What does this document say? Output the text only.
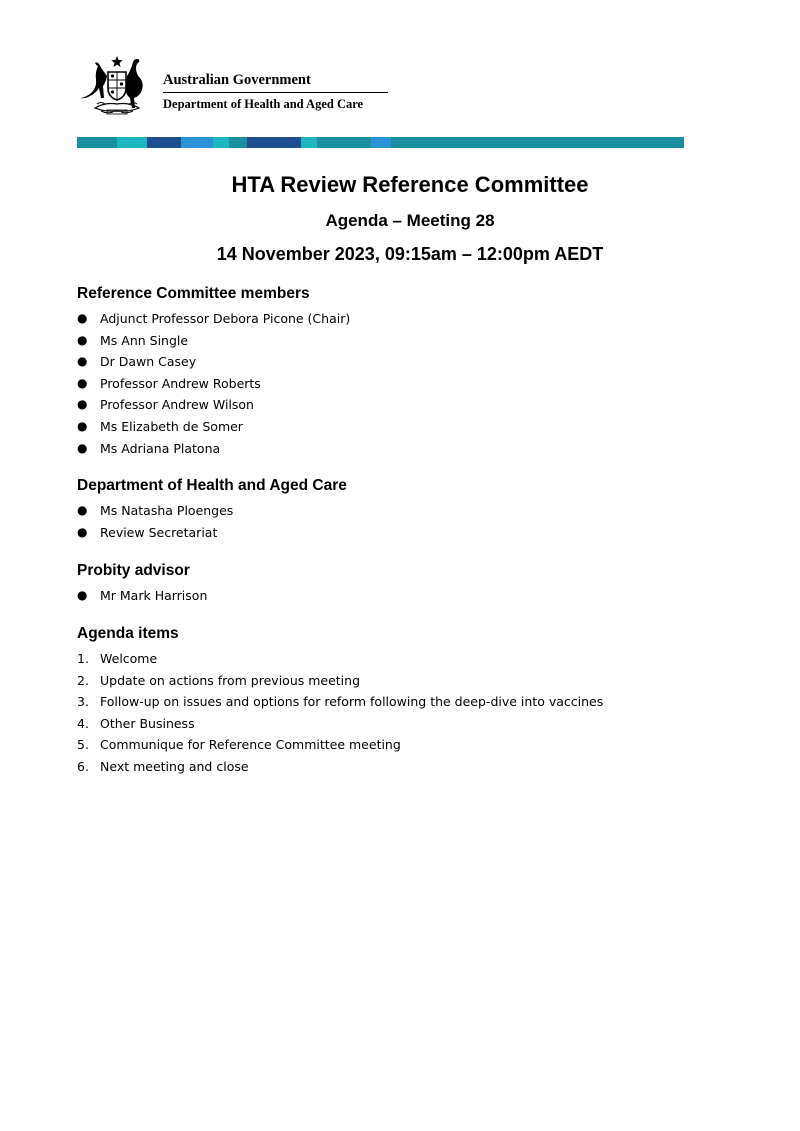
Australian Government

Department of Health and Aged Care

HTA Review Reference Committee

Agenda – Meeting 28

14 November 2023, 09:15am – 12:00pm AEDT

Reference Committee members
● Adjunct Professor Debora Picone (Chair)
● Ms Ann Single
● Dr Dawn Casey
● Professor Andrew Roberts
● Professor Andrew Wilson
● Ms Elizabeth de Somer
● Ms Adriana Platona
Department of Health and Aged Care
● Ms Natasha Ploenges
● Review Secretariat
Probity advisor
● Mr Mark Harrison
Agenda items
1. Welcome
2. Update on actions from previous meeting
3. Follow-up on issues and options for reform following the deep-dive into vaccines
4. Other Business
5. Communique for Reference Committee meeting
6. Next meeting and close
